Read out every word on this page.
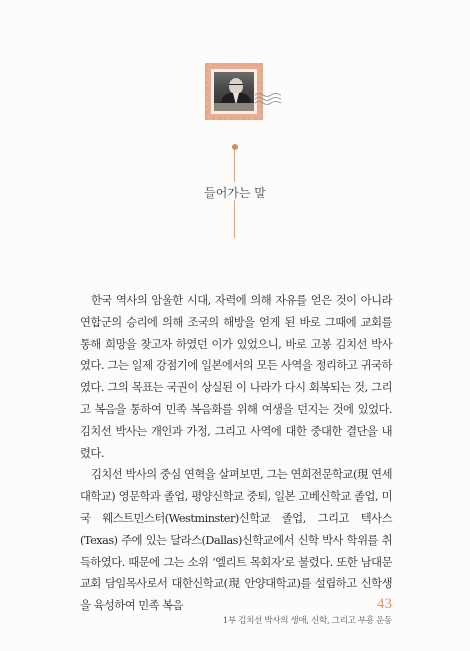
들어가는 말

한국 역사의 암울한 시대, 자력에 의해 자유를 얻은 것이 아니라 연합군의 승리에 의해 조국의 해방을 얻게 된 바로 그때에 교회를 통해 희망을 찾고자 하였던 이가 있었으니, 바로 고봉 김치선 박사였다. 그는 일제 강점기에 일본에서의 모든 사역을 정리하고 귀국하였다. 그의 목표는 국권이 상실된 이 나라가 다시 회복되는 것, 그리고 복음을 통하여 민족 복음화를 위해 여생을 던지는 것에 있었다. 김치선 박사는 개인과 가정, 그리고 사역에 대한 중대한 결단을 내렸다.

김치선 박사의 중심 연혁을 살펴보면, 그는 연희전문학교(現 연세대학교) 영문학과 졸업, 평양신학교 중퇴, 일본 고베신학교 졸업, 미국 웨스트민스터(Westminster)신학교 졸업, 그리고 텍사스(Texas) 주에 있는 달라스(Dallas)신학교에서 신학 박사 학위를 취득하였다. 때문에 그는 소위 ‘엘리트 목회자’로 불렸다. 또한 남대문교회 담임목사로서 대한신학교(現 안양대학교)를 설립하고 신학생을 육성하여 민족 복음	43
1부 김치선 박사의 생애, 신학, 그리고 부흥 운동
